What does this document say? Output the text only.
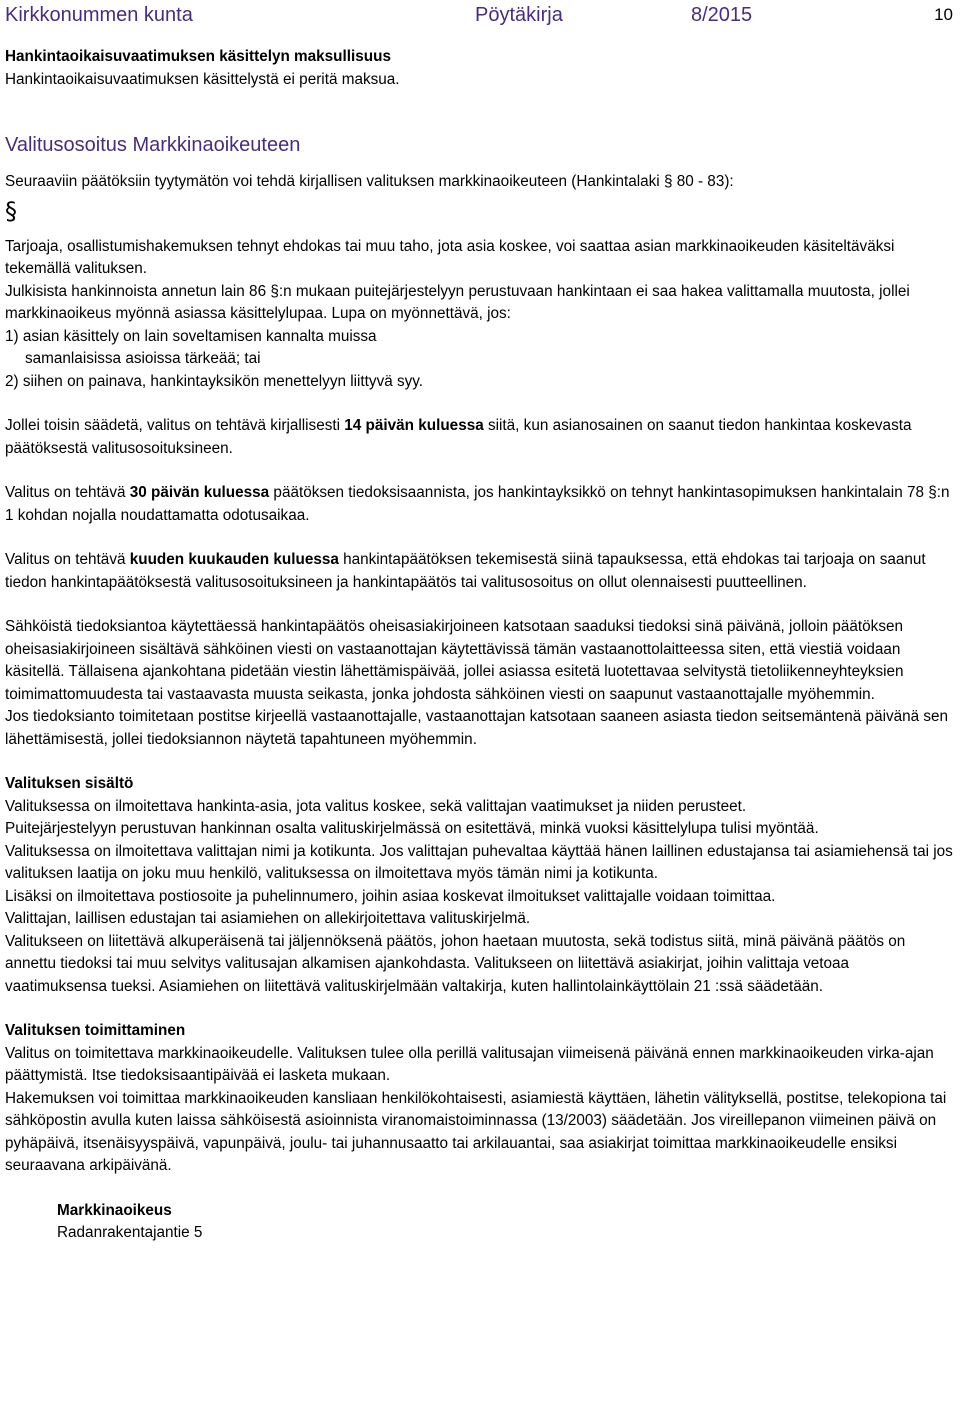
Kirkkonummen kunta	Pöytäkirja	8/2015	10

Hankintaoikaisuvaatimuksen käsittelyn maksullisuus

Hankintaoikaisuvaatimuksen käsittelystä ei peritä maksua.

Valitusosoitus Markkinaoikeuteen

Seuraaviin päätöksiin tyytymätön voi tehdä kirjallisen valituksen markkinaoikeuteen (Hankintalaki § 80 - 83):

§

Tarjoaja, osallistumishakemuksen tehnyt ehdokas tai muu taho, jota asia koskee, voi saattaa asian markkinaoikeuden käsiteltäväksi tekemällä valituksen.

Julkisista hankinnoista annetun lain 86 §:n mukaan puitejärjestelyyn perustuvaan hankintaan ei saa hakea valittamalla muutosta, jollei markkinaoikeus myönnä asiassa käsittelylupaa. Lupa on myönnettävä, jos:

1) asian käsittely on lain soveltamisen kannalta muissa

samanlaisissa asioissa tärkeää; tai

2) siihen on painava, hankintayksikön menettelyyn liittyvä syy.

Jollei toisin säädetä, valitus on tehtävä kirjallisesti 14 päivän kuluessa siitä, kun asianosainen on saanut tiedon hankintaa koskevasta päätöksestä valitusosoituksineen.

Valitus on tehtävä 30 päivän kuluessa päätöksen tiedoksisaannista, jos hankintayksikkö on tehnyt hankintasopimuksen hankintalain 78 §:n 1 kohdan nojalla noudattamatta odotusaikaa.

Valitus on tehtävä kuuden kuukauden kuluessa hankintapäätöksen tekemisestä siinä tapauksessa, että ehdokas tai tarjoaja on saanut tiedon hankintapäätöksestä valitusosoituksineen ja hankintapäätös tai valitusosoitus on ollut olennaisesti puutteellinen.

Sähköistä tiedoksiantoa käytettäessä hankintapäätös oheisasiakirjoineen katsotaan saaduksi tiedoksi sinä päivänä, jolloin päätöksen oheisasiakirjoineen sisältävä sähköinen viesti on vastaanottajan käytettävissä tämän vastaanottolaitteessa siten, että viestiä voidaan käsitellä. Tällaisena ajankohtana pidetään viestin lähettämispäivää, jollei asiassa esitetä luotettavaa selvitystä tietoliikenneyhteyksien toimimattomuudesta tai vastaavasta muusta seikasta, jonka johdosta sähköinen viesti on saapunut vastaanottajalle myöhemmin.

Jos tiedoksianto toimitetaan postitse kirjeellä vastaanottajalle, vastaanottajan katsotaan saaneen asiasta tiedon seitsemäntenä päivänä sen lähettämisestä, jollei tiedoksiannon näytetä tapahtuneen myöhemmin.

Valituksen sisältö

Valituksessa on ilmoitettava hankinta-asia, jota valitus koskee, sekä valittajan vaatimukset ja niiden perusteet.

Puitejärjestelyyn perustuvan hankinnan osalta valituskirjelmässä on esitettävä, minkä vuoksi käsittelylupa tulisi myöntää.

Valituksessa on ilmoitettava valittajan nimi ja kotikunta. Jos valittajan puhevaltaa käyttää hänen laillinen edustajansa tai asiamiehensä tai jos valituksen laatija on joku muu henkilö, valituksessa on ilmoitettava myös tämän nimi ja kotikunta.

Lisäksi on ilmoitettava postiosoite ja puhelinnumero, joihin asiaa koskevat ilmoitukset valittajalle voidaan toimittaa.

Valittajan, laillisen edustajan tai asiamiehen on allekirjoitettava valituskirjelmä.

Valitukseen on liitettävä alkuperäisenä tai jäljennöksenä päätös, johon haetaan muutosta, sekä todistus siitä, minä päivänä päätös on annettu tiedoksi tai muu selvitys valitusajan alkamisen ajankohdasta. Valitukseen on liitettävä asiakirjat, joihin valittaja vetoaa vaatimuksensa tueksi. Asiamiehen on liitettävä valituskirjelmään valtakirja, kuten hallintolainkäyttölain 21 :ssä säädetään.

Valituksen toimittaminen

Valitus on toimitettava markkinaoikeudelle. Valituksen tulee olla perillä valitusajan viimeisenä päivänä ennen markkinaoikeuden virka-ajan päättymistä. Itse tiedoksisaantipäivää ei lasketa mukaan.

Hakemuksen voi toimittaa markkinaoikeuden kansliaan henkilökohtaisesti, asiamiestä käyttäen, lähetin välityksellä, postitse, telekopiona tai sähköpostin avulla kuten laissa sähköisestä asioinnista viranomaistoiminnassa (13/2003) säädetään. Jos vireillepanon viimeinen päivä on pyhäpäivä, itsenäisyyspäivä, vapunpäivä, joulu- tai juhannusaatto tai arkilauantai, saa asiakirjat toimittaa markkinaoikeudelle ensiksi seuraavana arkipäivänä.

Markkinaoikeus

Radanrakentajantie 5
